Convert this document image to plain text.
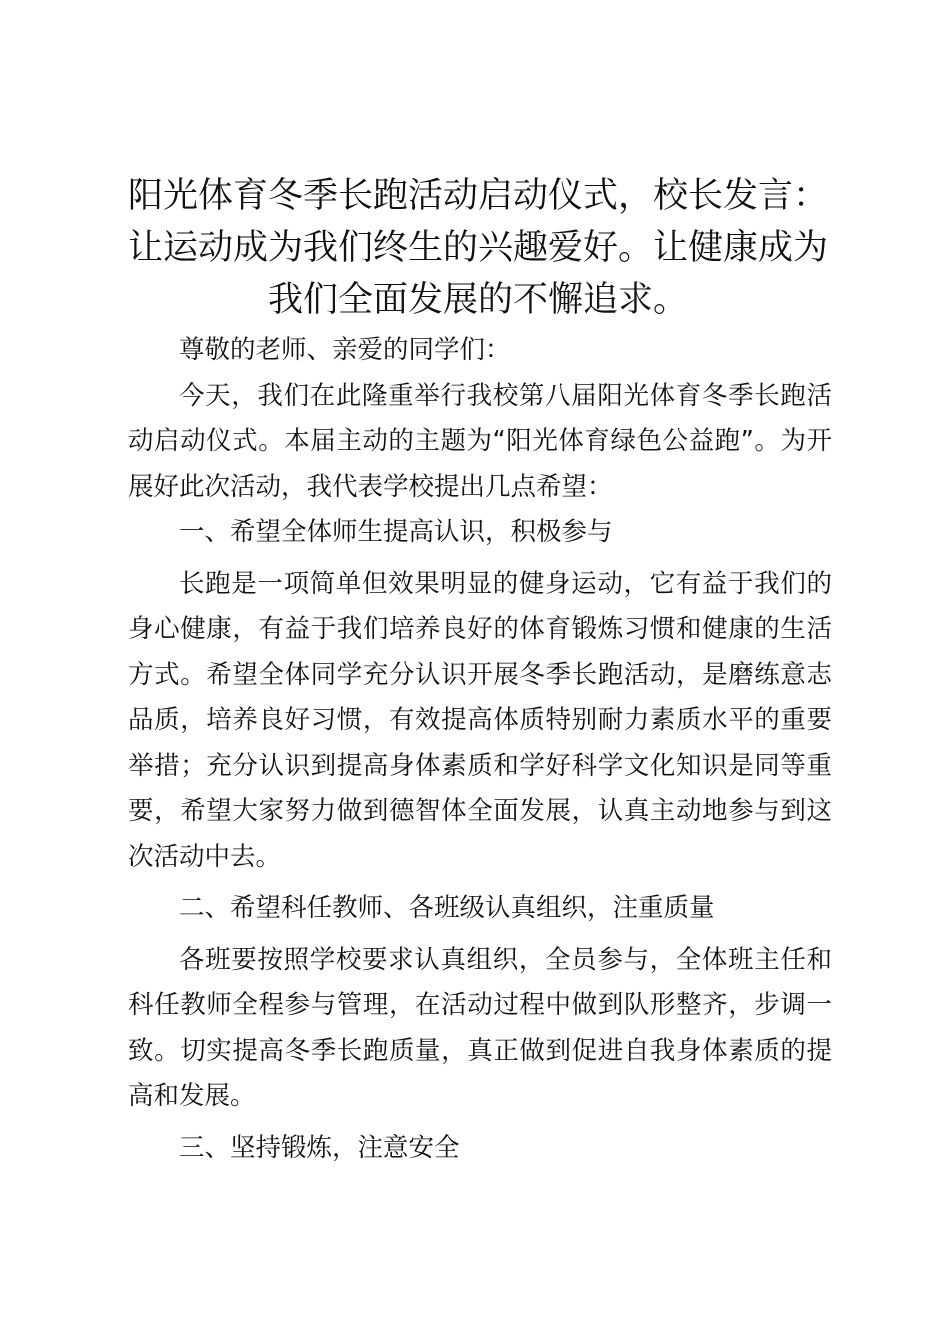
阳光体育冬季长跑活动启动仪式，校长发言：让运动成为我们终生的兴趣爱好。让健康成为我们全面发展的不懈追求。

尊敬的老师、亲爱的同学们：

今天，我们在此隆重举行我校第八届阳光体育冬季长跑活动启动仪式。本届主动的主题为“阳光体育绿色公益跑”。为开展好此次活动，我代表学校提出几点希望：

一、希望全体师生提高认识，积极参与

长跑是一项简单但效果明显的健身运动，它有益于我们的身心健康，有益于我们培养良好的体育锻炼习惯和健康的生活方式。希望全体同学充分认识开展冬季长跑活动，是磨练意志品质，培养良好习惯，有效提高体质特别耐力素质水平的重要举措；充分认识到提高身体素质和学好科学文化知识是同等重要，希望大家努力做到德智体全面发展，认真主动地参与到这次活动中去。

二、希望科任教师、各班级认真组织，注重质量

各班要按照学校要求认真组织，全员参与，全体班主任和科任教师全程参与管理，在活动过程中做到队形整齐，步调一致。切实提高冬季长跑质量，真正做到促进自我身体素质的提高和发展。

三、坚持锻炼，注意安全
